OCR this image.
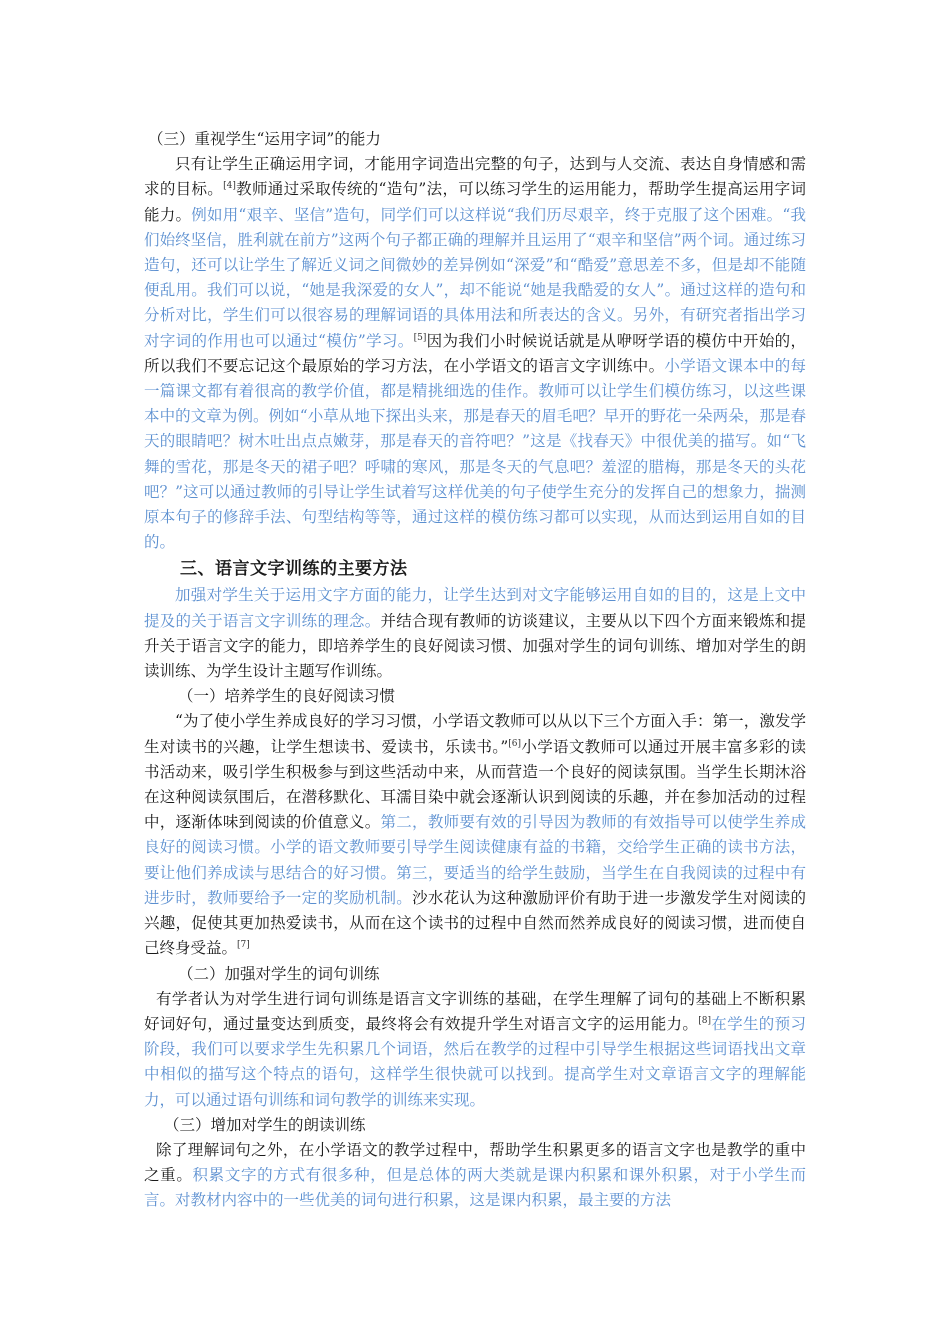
（三）重视学生“运用字词”的能力
只有让学生正确运用字词，才能用字词造出完整的句子，达到与人交流、表达自身情感和需求的目标。[4]教师通过采取传统的“造句”法，可以练习学生的运用能力，帮助学生提高运用字词能力。例如用“艰辛、坚信”造句，同学们可以这样说“我们历尽艰辛，终于克服了这个困难。“我们始终坚信，胜利就在前方”这两个句子都正确的理解并且运用了“艰辛和坚信”两个词。通过练习造句，还可以让学生了解近义词之间微妙的差异例如“深爱”和“酷爱”意思差不多，但是却不能随便乱用。我们可以说，“她是我深爱的女人”，却不能说“她是我酷爱的女人”。通过这样的造句和分析对比，学生们可以很容易的理解词语的具体用法和所表达的含义。另外，有研究者指出学习对字词的作用也可以通过“模仿”学习。[5]因为我们小时候说话就是从咿呀学语的模仿中开始的，所以我们不要忘记这个最原始的学习方法，在小学语文的语言文字训练中。小学语文课本中的每一篇课文都有着很高的教学价值，都是精挑细选的佳作。教师可以让学生们模仿练习，以这些课本中的文章为例。例如“小草从地下探出头来，那是春天的眉毛吧？早开的野花一朵两朵，那是春天的眼睛吧？树木吐出点点嫩芽，那是春天的音符吧？”这是《找春天》中很优美的描写。如“飞舞的雪花，那是冬天的裙子吧？呼啸的寒风，那是冬天的气息吧？羞涩的腊梅，那是冬天的头花吧？”这可以通过教师的引导让学生试着写这样优美的句子使学生充分的发挥自己的想象力，揣测原本句子的修辞手法、句型结构等等，通过这样的模仿练习都可以实现，从而达到运用自如的目的。
三、语言文字训练的主要方法
加强对学生关于运用文字方面的能力，让学生达到对文字能够运用自如的目的，这是上文中提及的关于语言文字训练的理念。并结合现有教师的访谈建议，主要从以下四个方面来锻炼和提升关于语言文字的能力，即培养学生的良好阅读习惯、加强对学生的词句训练、增加对学生的朗读训练、为学生设计主题写作训练。
（一）培养学生的良好阅读习惯
“为了使小学生养成良好的学习习惯，小学语文教师可以从以下三个方面入手：第一，激发学生对读书的兴趣，让学生想读书、爱读书，乐读书。”[6]小学语文教师可以通过开展丰富多彩的读书活动来，吸引学生积极参与到这些活动中来，从而营造一个良好的阅读氛围。当学生长期沐浴在这种阅读氛围后，在潜移默化、耳濡目染中就会逐渐认识到阅读的乐趣，并在参加活动的过程中，逐渐体味到阅读的价值意义。第二，教师要有效的引导因为教师的有效指导可以使学生养成良好的阅读习惯。小学的语文教师要引导学生阅读健康有益的书籍，交给学生正确的读书方法，要让他们养成读与思结合的好习惯。第三，要适当的给学生鼓励，当学生在自我阅读的过程中有进步时，教师要给予一定的奖励机制。沙水花认为这种激励评价有助于进一步激发学生对阅读的兴趣，促使其更加热爱读书，从而在这个读书的过程中自然而然养成良好的阅读习惯，进而使自己终身受益。[7]
（二）加强对学生的词句训练
有学者认为对学生进行词句训练是语言文字训练的基础，在学生理解了词句的基础上不断积累好词好句，通过量变达到质变，最终将会有效提升学生对语言文字的运用能力。[8]在学生的预习阶段，我们可以要求学生先积累几个词语，然后在教学的过程中引导学生根据这些词语找出文章中相似的描写这个特点的语句，这样学生很快就可以找到。提高学生对文章语言文字的理解能力，可以通过语句训练和词句教学的训练来实现。
（三）增加对学生的朗读训练
除了理解词句之外，在小学语文的教学过程中，帮助学生积累更多的语言文字也是教学的重中之重。积累文字的方式有很多种，但是总体的两大类就是课内积累和课外积累，对于小学生而言。对教材内容中的一些优美的词句进行积累，这是课内积累，最主要的方法
